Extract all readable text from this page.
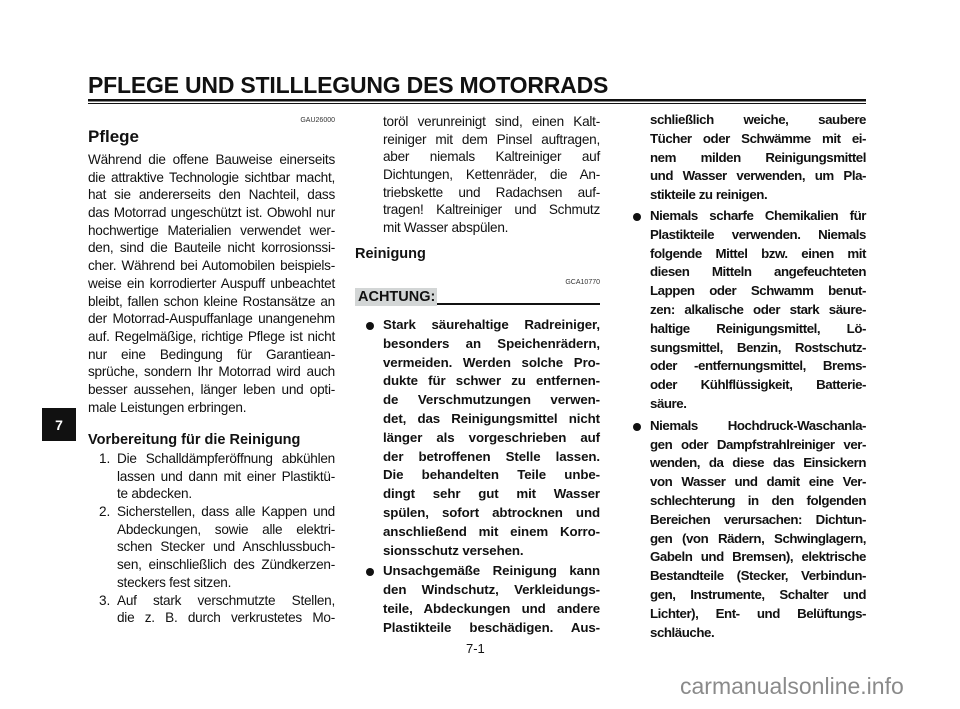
PFLEGE UND STILLLEGUNG DES MOTORRADS
7
GAU26000
Pflege
Während die offene Bauweise einerseits
die attraktive Technologie sichtbar macht,
hat sie andererseits den Nachteil, dass
das Motorrad ungeschützt ist. Obwohl nur
hochwertige Materialien verwendet wer-
den, sind die Bauteile nicht korrosionssi-
cher. Während bei Automobilen beispiels-
weise ein korrodierter Auspuff unbeachtet
bleibt, fallen schon kleine Rostansätze an
der Motorrad-Auspuffanlage unangenehm
auf. Regelmäßige, richtige Pflege ist nicht
nur eine Bedingung für Garantiean-
sprüche, sondern Ihr Motorrad wird auch
besser aussehen, länger leben und opti-
male Leistungen erbringen.
Vorbereitung für die Reinigung
1. Die Schalldämpferöffnung abkühlen
lassen und dann mit einer Plastiktü-
te abdecken.
2. Sicherstellen, dass alle Kappen und
Abdeckungen, sowie alle elektri-
schen Stecker und Anschlussbuch-
sen, einschließlich des Zündkerzen-
steckers fest sitzen.
3. Auf stark verschmutzte Stellen,
die z. B. durch verkrustetes Mo-
toröl verunreinigt sind, einen Kalt-
reiniger mit dem Pinsel auftragen,
aber niemals Kaltreiniger auf
Dichtungen, Kettenräder, die An-
triebskette und Radachsen auf-
tragen! Kaltreiniger und Schmutz
mit Wasser abspülen.
Reinigung
GCA10770
ACHTUNG:
Stark säurehaltige Radreiniger,
besonders an Speichenrädern,
vermeiden. Werden solche Pro-
dukte für schwer zu entfernen-
de Verschmutzungen verwen-
det, das Reinigungsmittel nicht
länger als vorgeschrieben auf
der betroffenen Stelle lassen.
Die behandelten Teile unbe-
dingt sehr gut mit Wasser
spülen, sofort abtrocknen und
anschließend mit einem Korro-
sionsschutz versehen.
Unsachgemäße Reinigung kann
den Windschutz, Verkleidungs-
teile, Abdeckungen und andere
Plastikteile beschädigen. Aus-
schließlich weiche, saubere
Tücher oder Schwämme mit ei-
nem milden Reinigungsmittel
und Wasser verwenden, um Pla-
stikteile zu reinigen.
Niemals scharfe Chemikalien für
Plastikteile verwenden. Niemals
folgende Mittel bzw. einen mit
diesen Mitteln angefeuchteten
Lappen oder Schwamm benut-
zen: alkalische oder stark säure-
haltige Reinigungsmittel, Lö-
sungsmittel, Benzin, Rostschutz-
oder -entfernungsmittel, Brems-
oder Kühlflüssigkeit, Batterie-
säure.
Niemals Hochdruck-Waschanla-
gen oder Dampfstrahlreiniger ver-
wenden, da diese das Einsickern
von Wasser und damit eine Ver-
schlechterung in den folgenden
Bereichen verursachen: Dichtun-
gen (von Rädern, Schwinglagern,
Gabeln und Bremsen), elektrische
Bestandteile (Stecker, Verbindun-
gen, Instrumente, Schalter und
Lichter), Ent- und Belüftungs-
schläuche.
7-1
carmanualsonline.info
